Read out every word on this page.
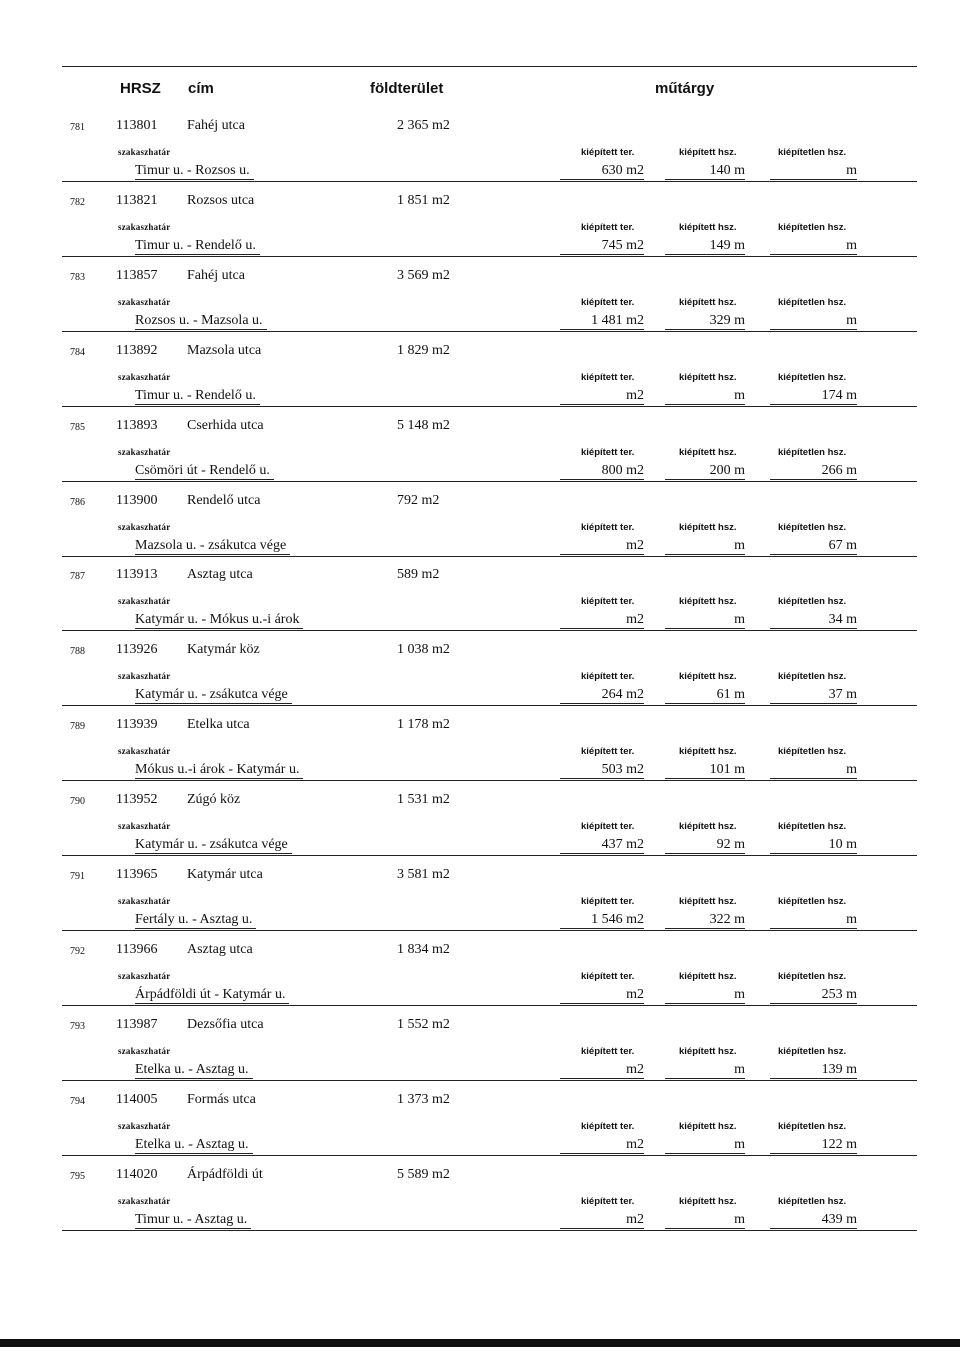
HRSZ cím	földterület	műtárgy
781 113801 Fahéj utca	2 365 m2
Timur u. - Rozsos u.	630 m2	140 m	m
szakaszhatár	kiépített ter.	kiépített hsz.	kiépítetlen hsz.
782 113821 Rozsos utca	1 851 m2
Timur u. - Rendelő u.	745 m2	149 m	m
szakaszhatár	kiépített ter.	kiépített hsz.	kiépítetlen hsz.
783 113857 Fahéj utca	3 569 m2
Rozsos u. - Mazsola u.	1 481 m2	329 m	m
szakaszhatár	kiépített ter.	kiépített hsz.	kiépítetlen hsz.
784 113892 Mazsola utca	1 829 m2
Timur u. - Rendelő u.	m2	m	174 m
szakaszhatár	kiépített ter.	kiépített hsz.	kiépítetlen hsz.
785 113893 Cserhida utca	5 148 m2
Csömöri út - Rendelő u.	800 m2	200 m	266 m
szakaszhatár	kiépített ter.	kiépített hsz.	kiépítetlen hsz.
786 113900 Rendelő utca	792 m2
Mazsola u. - zsákutca vége	m2	m	67 m
szakaszhatár	kiépített ter.	kiépített hsz.	kiépítetlen hsz.
787 113913 Asztag utca	589 m2
Katymár u. - Mókus u.-i árok	m2	m	34 m
szakaszhatár	kiépített ter.	kiépített hsz.	kiépítetlen hsz.
788 113926 Katymár köz	1 038 m2
Katymár u. - zsákutca vége	264 m2	61 m	37 m
szakaszhatár	kiépített ter.	kiépített hsz.	kiépítetlen hsz.
789 113939 Etelka utca	1 178 m2
Mókus u.-i árok - Katymár u.	503 m2	101 m	m
szakaszhatár	kiépített ter.	kiépített hsz.	kiépítetlen hsz.
790 113952 Zúgó köz	1 531 m2
Katymár u. - zsákutca vége	437 m2	92 m	10 m
szakaszhatár	kiépített ter.	kiépített hsz.	kiépítetlen hsz.
791 113965 Katymár utca	3 581 m2
Fertály u. - Asztag u.	1 546 m2	322 m	m
szakaszhatár	kiépített ter.	kiépített hsz.	kiépítetlen hsz.
792 113966 Asztag utca	1 834 m2
Árpádföldi út - Katymár u.	m2	m	253 m
szakaszhatár	kiépített ter.	kiépített hsz.	kiépítetlen hsz.
793 113987 Dezsőfia utca	1 552 m2
Etelka u. - Asztag u.	m2	m	139 m
szakaszhatár	kiépített ter.	kiépített hsz.	kiépítetlen hsz.
794 114005 Formás utca	1 373 m2
Etelka u. - Asztag u.	m2	m	122 m
szakaszhatár	kiépített ter.	kiépített hsz.	kiépítetlen hsz.
795 114020 Árpádföldi út	5 589 m2
Timur u. - Asztag u.	m2	m	439 m
szakaszhatár	kiépített ter.	kiépített hsz.	kiépítetlen hsz.
